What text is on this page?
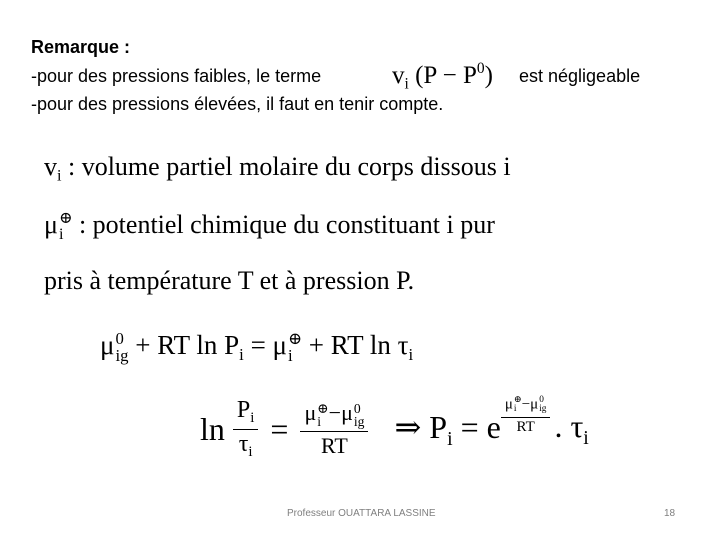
Remarque :
-pour des pressions faibles, le terme	$v_i$ $(P - P^0)$ est négligeable
-pour des pressions élevées, il faut en tenir compte.
$v_i$ : volume partiel molaire du corps dissous i
μ ⊕
i : potentiel chimique du constituant i pur
pris à température T et à pression P.
μ 0
ig + RT $\ln P_i = \mu$ ⊕
i + RT $\ln \tau_i$
$\ln \frac{P_i}{\tau_i} = \mu$ ⊕
i −μ 0
ig
RT ⇒ $P_i = e$ μ ⊕
i −μ 0
ig
RT . $\tau_i$
Professeur OUATTARA LASSINE	18
